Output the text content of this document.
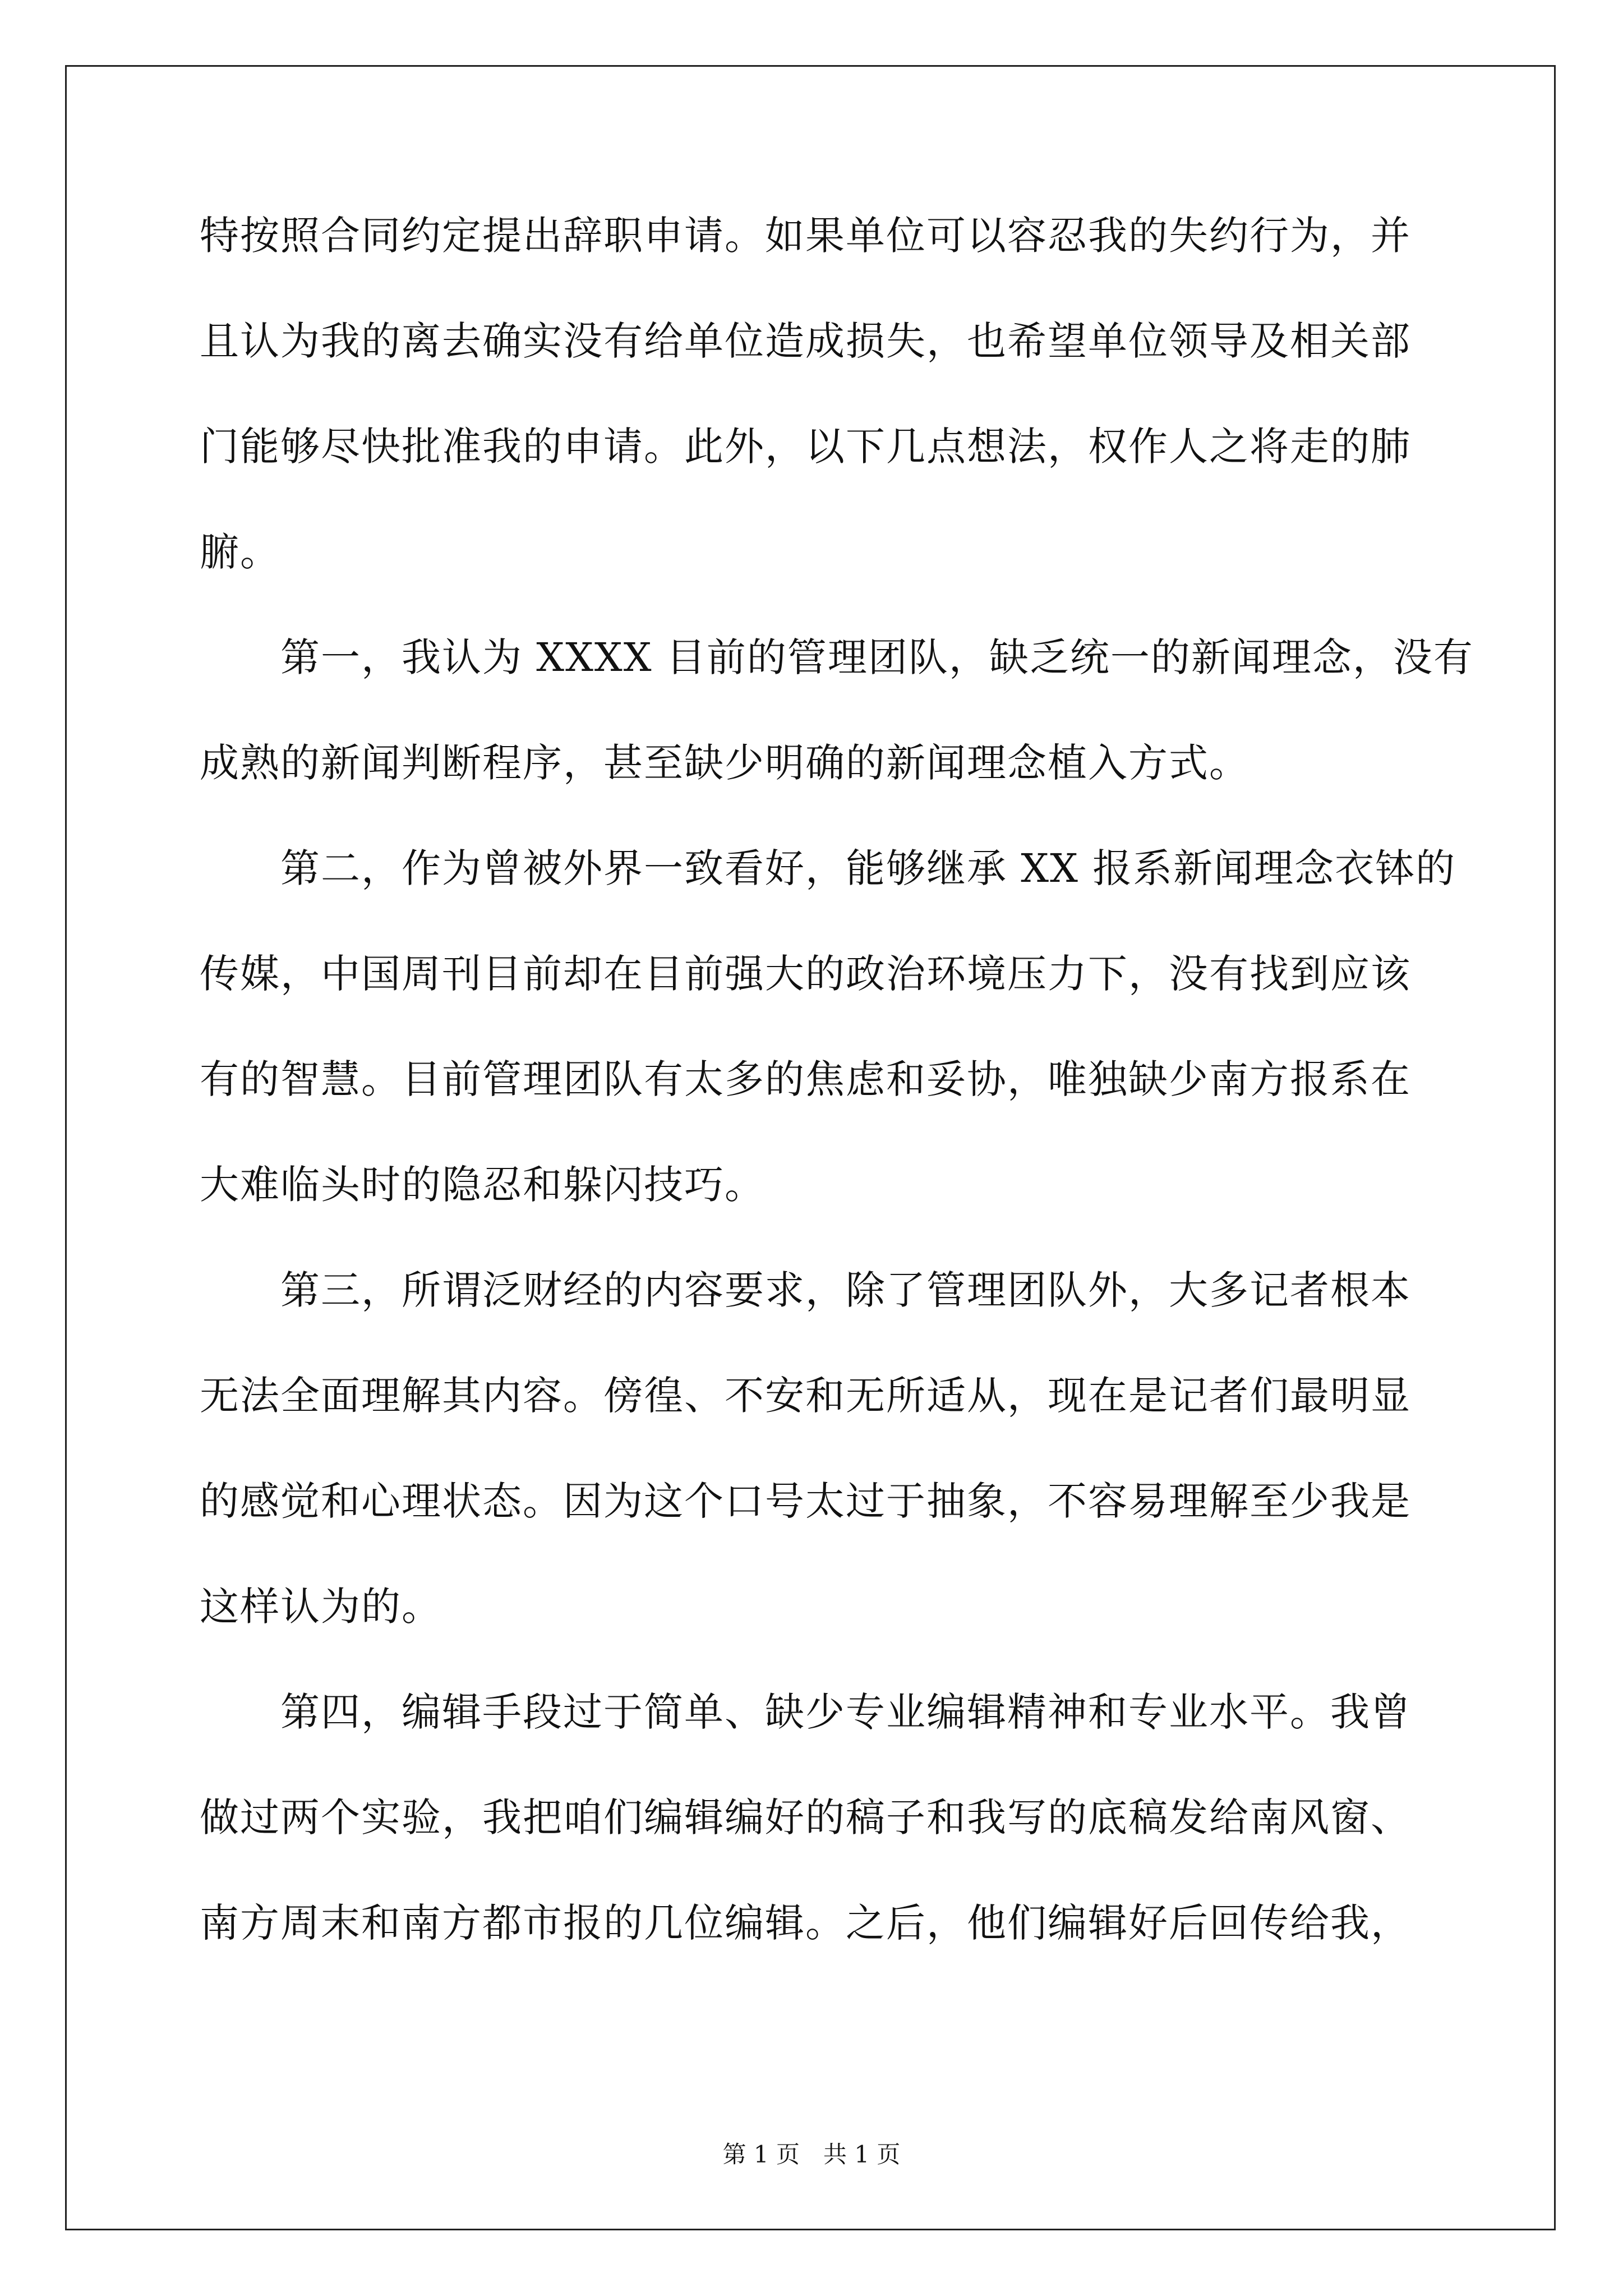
特按照合同约定提出辞职申请。如果单位可以容忍我的失约行为，并
且认为我的离去确实没有给单位造成损失，也希望单位领导及相关部
门能够尽快批准我的申请。此外，以下几点想法，权作人之将走的肺
腑。
　　第一，我认为 XXXX 目前的管理团队，缺乏统一的新闻理念，没有
成熟的新闻判断程序，甚至缺少明确的新闻理念植入方式。
　　第二，作为曾被外界一致看好，能够继承 XX 报系新闻理念衣钵的
传媒，中国周刊目前却在目前强大的政治环境压力下，没有找到应该
有的智慧。目前管理团队有太多的焦虑和妥协，唯独缺少南方报系在
大难临头时的隐忍和躲闪技巧。
　　第三，所谓泛财经的内容要求，除了管理团队外，大多记者根本
无法全面理解其内容。傍徨、不安和无所适从，现在是记者们最明显
的感觉和心理状态。因为这个口号太过于抽象，不容易理解至少我是
这样认为的。
　　第四，编辑手段过于简单、缺少专业编辑精神和专业水平。我曾
做过两个实验，我把咱们编辑编好的稿子和我写的底稿发给南风窗、
南方周末和南方都市报的几位编辑。之后，他们编辑好后回传给我，
第 1 页　共 1 页
